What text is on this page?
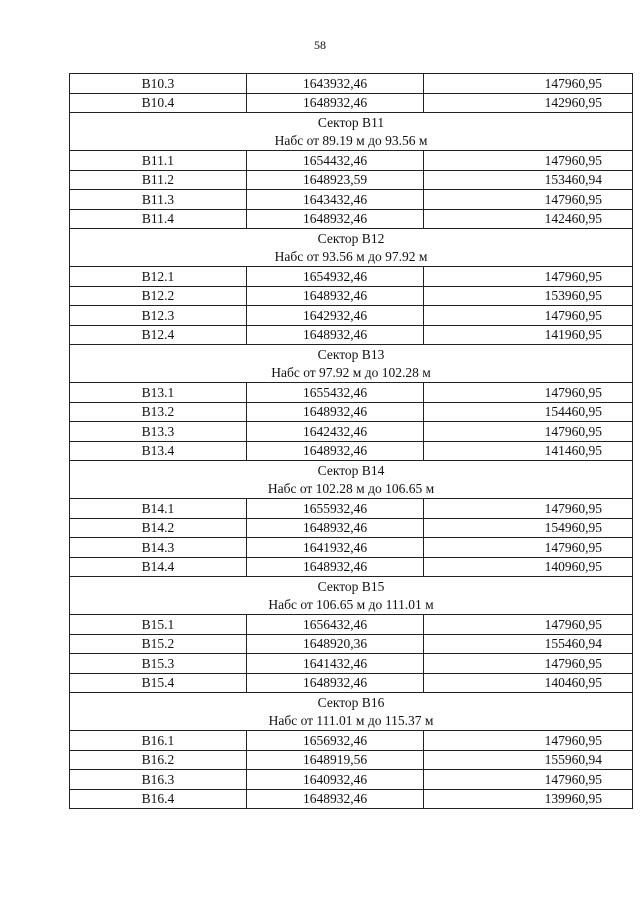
58
В10.3	1643932,46	147960,95
В10.4	1648932,46	142960,95
Сектор В11		
Набс от 89.19 м до 93.56 м		
В11.1	1654432,46	147960,95
В11.2	1648923,59	153460,94
В11.3	1643432,46	147960,95
В11.4	1648932,46	142460,95
Сектор В12		
Набс от 93.56 м до 97.92 м		
В12.1	1654932,46	147960,95
В12.2	1648932,46	153960,95
В12.3	1642932,46	147960,95
В12.4	1648932,46	141960,95
Сектор В13		
Набс от 97.92 м до 102.28 м		
В13.1	1655432,46	147960,95
В13.2	1648932,46	154460,95
В13.3	1642432,46	147960,95
В13.4	1648932,46	141460,95
Сектор В14		
Набс от 102.28 м до 106.65 м		
В14.1	1655932,46	147960,95
В14.2	1648932,46	154960,95
В14.3	1641932,46	147960,95
В14.4	1648932,46	140960,95
Сектор В15		
Набс от 106.65 м до 111.01 м		
В15.1	1656432,46	147960,95
В15.2	1648920,36	155460,94
В15.3	1641432,46	147960,95
В15.4	1648932,46	140460,95
Сектор В16		
Набс от 111.01 м до 115.37 м		
В16.1	1656932,46	147960,95
В16.2	1648919,56	155960,94
В16.3	1640932,46	147960,95
В16.4	1648932,46	139960,95
